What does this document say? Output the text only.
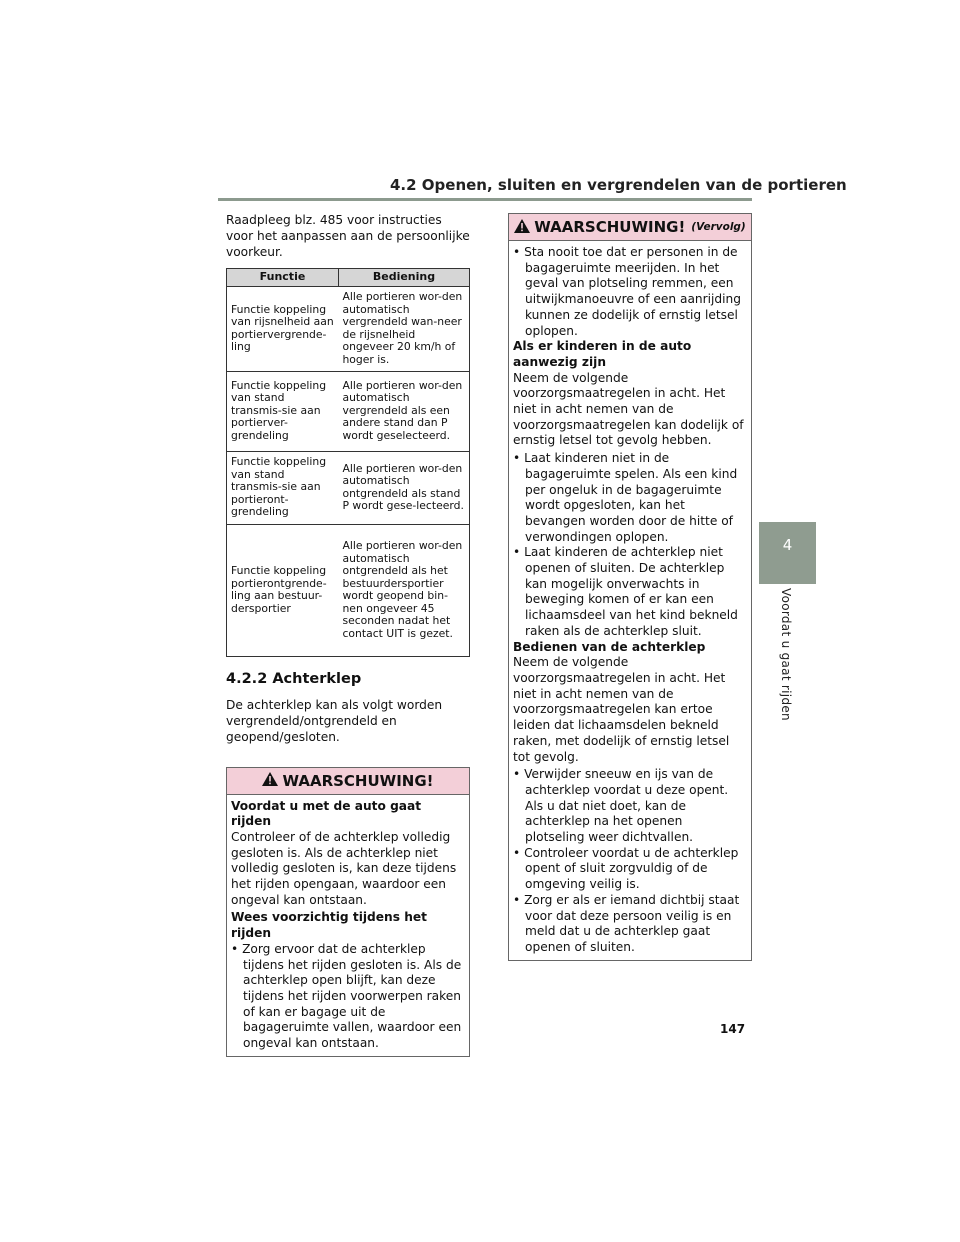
4.2 Openen, sluiten en vergrendelen van de portieren
4
Voordat u gaat rijden

Raadpleeg blz. 485 voor instructies voor het aanpassen aan de persoonlijke voorkeur.

Functie	Bediening
Functie koppeling van rijsnelheid aan portiervergrende-ling	Alle portieren wor-den automatisch vergrendeld wan-neer de rijsnelheid ongeveer 20 km/h of hoger is.
Functie koppeling van stand transmis-sie aan portierver-grendeling	Alle portieren wor-den automatisch vergrendeld als een andere stand dan P wordt geselecteerd.
Functie koppeling van stand transmis-sie aan portieront-grendeling	Alle portieren wor-den automatisch ontgrendeld als stand P wordt gese-lecteerd.
Functie koppeling portierontgrende-ling aan bestuur-dersportier	Alle portieren wor-den automatisch ontgrendeld als het bestuurdersportier wordt geopend bin-nen ongeveer 45 seconden nadat het contact UIT is gezet.
4.2.2 Achterklep

De achterklep kan als volgt worden vergrendeld/ontgrendeld en geopend/gesloten.

WAARSCHUWING!
Voordat u met de auto gaat rijden
Controleer of de achterklep volledig gesloten is. Als de achterklep niet volledig gesloten is, kan deze tijdens het rijden opengaan, waardoor een ongeval kan ontstaan.
Wees voorzichtig tijdens het rijden
• Zorg ervoor dat de achterklep tijdens het rijden gesloten is. Als de achterklep open blijft, kan deze tijdens het rijden voorwerpen raken of kan er bagage uit de bagageruimte vallen, waardoor een ongeval kan ontstaan.
WAARSCHUWING! (Vervolg)
• Sta nooit toe dat er personen in de bagageruimte meerijden. In het geval van plotseling remmen, een uitwijkmanoeuvre of een aanrijding kunnen ze dodelijk of ernstig letsel oplopen.
Als er kinderen in de auto aanwezig zijn
Neem de volgende voorzorgsmaatregelen in acht. Het niet in acht nemen van de voorzorgsmaatregelen kan dodelijk of ernstig letsel tot gevolg hebben.
• Laat kinderen niet in de bagageruimte spelen. Als een kind per ongeluk in de bagageruimte wordt opgesloten, kan het bevangen worden door de hitte of verwondingen oplopen.
• Laat kinderen de achterklep niet openen of sluiten. De achterklep kan mogelijk onverwachts in beweging komen of er kan een lichaamsdeel van het kind bekneld raken als de achterklep sluit.
Bedienen van de achterklep
Neem de volgende voorzorgsmaatregelen in acht. Het niet in acht nemen van de voorzorgsmaatregelen kan ertoe leiden dat lichaamsdelen bekneld raken, met dodelijk of ernstig letsel tot gevolg.
• Verwijder sneeuw en ijs van de achterklep voordat u deze opent. Als u dat niet doet, kan de achterklep na het openen plotseling weer dichtvallen.
• Controleer voordat u de achterklep opent of sluit zorgvuldig of de omgeving veilig is.
• Zorg er als er iemand dichtbij staat voor dat deze persoon veilig is en meld dat u de achterklep gaat openen of sluiten.
147
